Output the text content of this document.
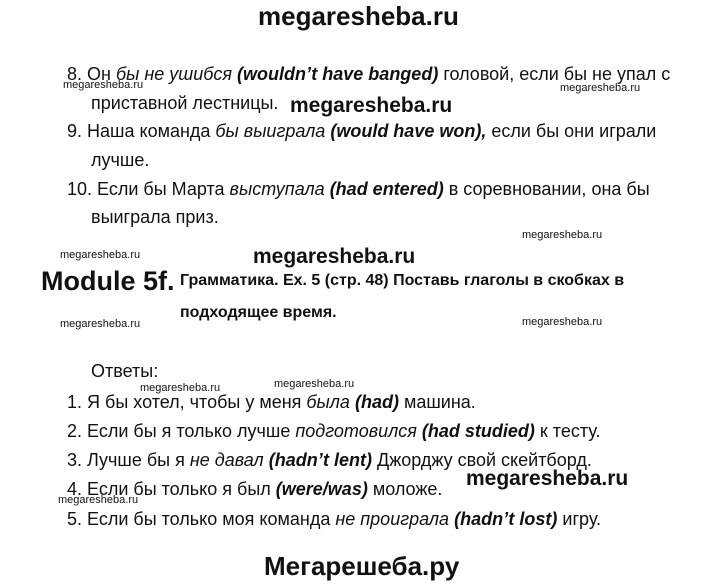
megaresheba.ru
8. Он бы не ушибся (wouldn’t have banged) головой, если бы не упал с
приставной лестницы.
9. Наша команда бы выиграла (would have won), если бы они играли
лучше.
10. Если бы Марта выступала (had entered) в соревновании, она бы
выиграла приз.
Module 5f. Грамматика. Ex. 5 (стр. 48) Поставь глаголы в скобках в
подходящее время.
Ответы:
1. Я бы хотел, чтобы у меня была (had) машина.
2. Если бы я только лучше подготовился (had studied) к тесту.
3. Лучше бы я не давал (hadn’t lent) Джорджу свой скейтборд.
4. Если бы только я был (were/was) моложе.
5. Если бы только моя команда не проиграла (hadn’t lost) игру.
megaresheba.ru
megaresheba.ru
megaresheba.ru
megaresheba.ru	megaresheba.ru
megaresheba.ru
megaresheba.ru	megaresheba.ru
megaresheba.ru	megaresheba.ru
megaresheba.ru
megaresheba.ru
Мегарешеба.ру
